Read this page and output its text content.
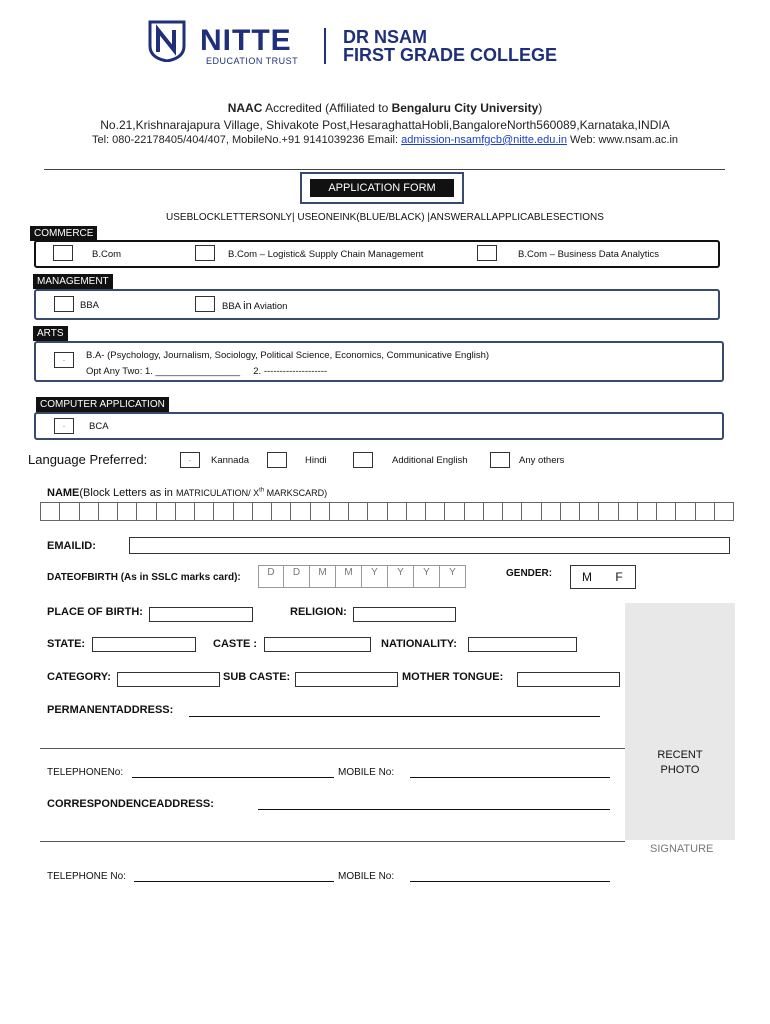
NITTE
EDUCATION TRUST
DR NSAM
FIRST GRADE COLLEGE
NAAC Accredited (Affiliated to Bengaluru City University)
No.21,Krishnarajapura Village, Shivakote Post,HesaraghattaHobli,BangaloreNorth560089,Karnataka,INDIA
Tel: 080-22178405/404/407, MobileNo.+91 9141039236 Email: admission-nsamfgcb@nitte.edu.in Web: www.nsam.ac.in
APPLICATION FORM
USEBLOCKLETTERSONLY| USEONEINK(BLUE/BLACK) |ANSWERALLAPPLICABLESECTIONS
COMMERCE
B.Com	B.Com – Logistic& Supply Chain Management	B.Com – Business Data Analytics
MANAGEMENT
BBA	BBA in Aviation
ARTS
.	B.A- (Psychology, Journalism, Sociology, Political Science, Economics, Communicative English)
Opt Any Two: 1. ________________     2. --------------------
COMPUTER APPLICATION
.	BCA
Language Preferred:	.	Kannada	Hindi	Additional English	Any others
NAME(Block Letters as in MATRICULATION/ Xth MARKSCARD)
EMAILID:
DATEOFBIRTH (As in SSLC marks card):	D	D	M	M	Y	Y	Y	Y	GENDER:	M	F
RECENT
PHOTO
SIGNATURE
PLACE OF BIRTH:	RELIGION:
STATE:	CASTE :	NATIONALITY:
CATEGORY:	SUB CASTE:	MOTHER TONGUE:
PERMANENTADDRESS:
TELEPHONENo:	MOBILE No:
CORRESPONDENCEADDRESS:
TELEPHONE No:	MOBILE No:
